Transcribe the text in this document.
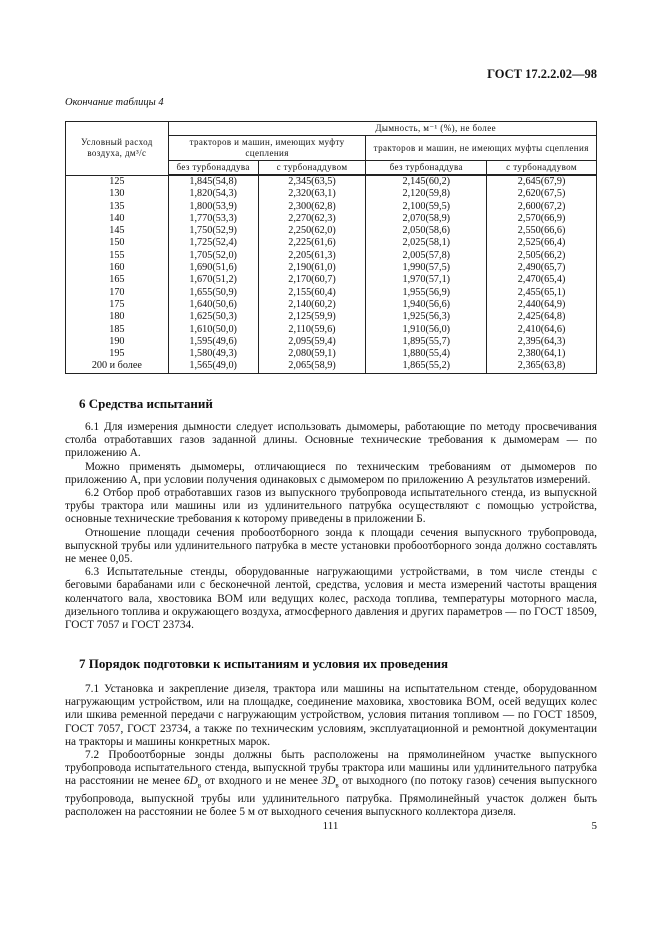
ГОСТ 17.2.2.02—98
Окончание таблицы 4
Условный расход воздуха, дм³/с	Дымность, м⁻¹ (%), не более			
	тракторов и машин, имеющих муфту сцепления		тракторов и машин, не имеющих муфты сцепления	
	без турбонаддува	с турбонаддувом	без турбонаддува	с турбонаддувом
125	1,845(54,8)	2,345(63,5)	2,145(60,2)	2,645(67,9)
130	1,820(54,3)	2,320(63,1)	2,120(59,8)	2,620(67,5)
135	1,800(53,9)	2,300(62,8)	2,100(59,5)	2,600(67,2)
140	1,770(53,3)	2,270(62,3)	2,070(58,9)	2,570(66,9)
145	1,750(52,9)	2,250(62,0)	2,050(58,6)	2,550(66,6)
150	1,725(52,4)	2,225(61,6)	2,025(58,1)	2,525(66,4)
155	1,705(52,0)	2,205(61,3)	2,005(57,8)	2,505(66,2)
160	1,690(51,6)	2,190(61,0)	1,990(57,5)	2,490(65,7)
165	1,670(51,2)	2,170(60,7)	1,970(57,1)	2,470(65,4)
170	1,655(50,9)	2,155(60,4)	1,955(56,9)	2,455(65,1)
175	1,640(50,6)	2,140(60,2)	1,940(56,6)	2,440(64,9)
180	1,625(50,3)	2,125(59,9)	1,925(56,3)	2,425(64,8)
185	1,610(50,0)	2,110(59,6)	1,910(56,0)	2,410(64,6)
190	1,595(49,6)	2,095(59,4)	1,895(55,7)	2,395(64,3)
195	1,580(49,3)	2,080(59,1)	1,880(55,4)	2,380(64,1)
200 и более	1,565(49,0)	2,065(58,9)	1,865(55,2)	2,365(63,8)
6 Средства испытаний

6.1 Для измерения дымности следует использовать дымомеры, работающие по методу просвечивания столба отработавших газов заданной длины. Основные технические требования к дымомерам — по приложению А.

Можно применять дымомеры, отличающиеся по техническим требованиям от дымомеров по приложению А, при условии получения одинаковых с дымомером по приложению А результатов измерений.

6.2 Отбор проб отработавших газов из выпускного трубопровода испытательного стенда, из выпускной трубы трактора или машины или из удлинительного патрубка осуществляют с помощью устройства, основные технические требования к которому приведены в приложении Б.

Отношение площади сечения пробоотборного зонда к площади сечения выпускного трубопровода, выпускной трубы или удлинительного патрубка в месте установки пробоотборного зонда должно составлять не менее 0,05.

6.3 Испытательные стенды, оборудованные нагружающими устройствами, в том числе стенды с беговыми барабанами или с бесконечной лентой, средства, условия и места измерений частоты вращения коленчатого вала, хвостовика ВОМ или ведущих колес, расхода топлива, температуры моторного масла, дизельного топлива и окружающего воздуха, атмосферного давления и других параметров — по ГОСТ 18509, ГОСТ 7057 и ГОСТ 23734.

7 Порядок подготовки к испытаниям и условия их проведения

7.1 Установка и закрепление дизеля, трактора или машины на испытательном стенде, оборудованном нагружающим устройством, или на площадке, соединение маховика, хвостовика ВОМ, осей ведущих колес или шкива ременной передачи с нагружающим устройством, условия питания топливом — по ГОСТ 18509, ГОСТ 7057, ГОСТ 23734, а также по техническим условиям, эксплуатационной и ремонтной документации на тракторы и машины конкретных марок.

7.2 Пробоотборные зонды должны быть расположены на прямолинейном участке выпускного трубопровода испытательного стенда, выпускной трубы трактора или машины или удлинительного патрубка на расстоянии не менее $6D_в$ от входного и не менее $3D_в$ от выходного (по потоку газов) сечения выпускного трубопровода, выпускной трубы или удлинительного патрубка. Прямолинейный участок должен быть расположен на расстоянии не более 5 м от выходного сечения выпускного коллектора дизеля.

111	5
